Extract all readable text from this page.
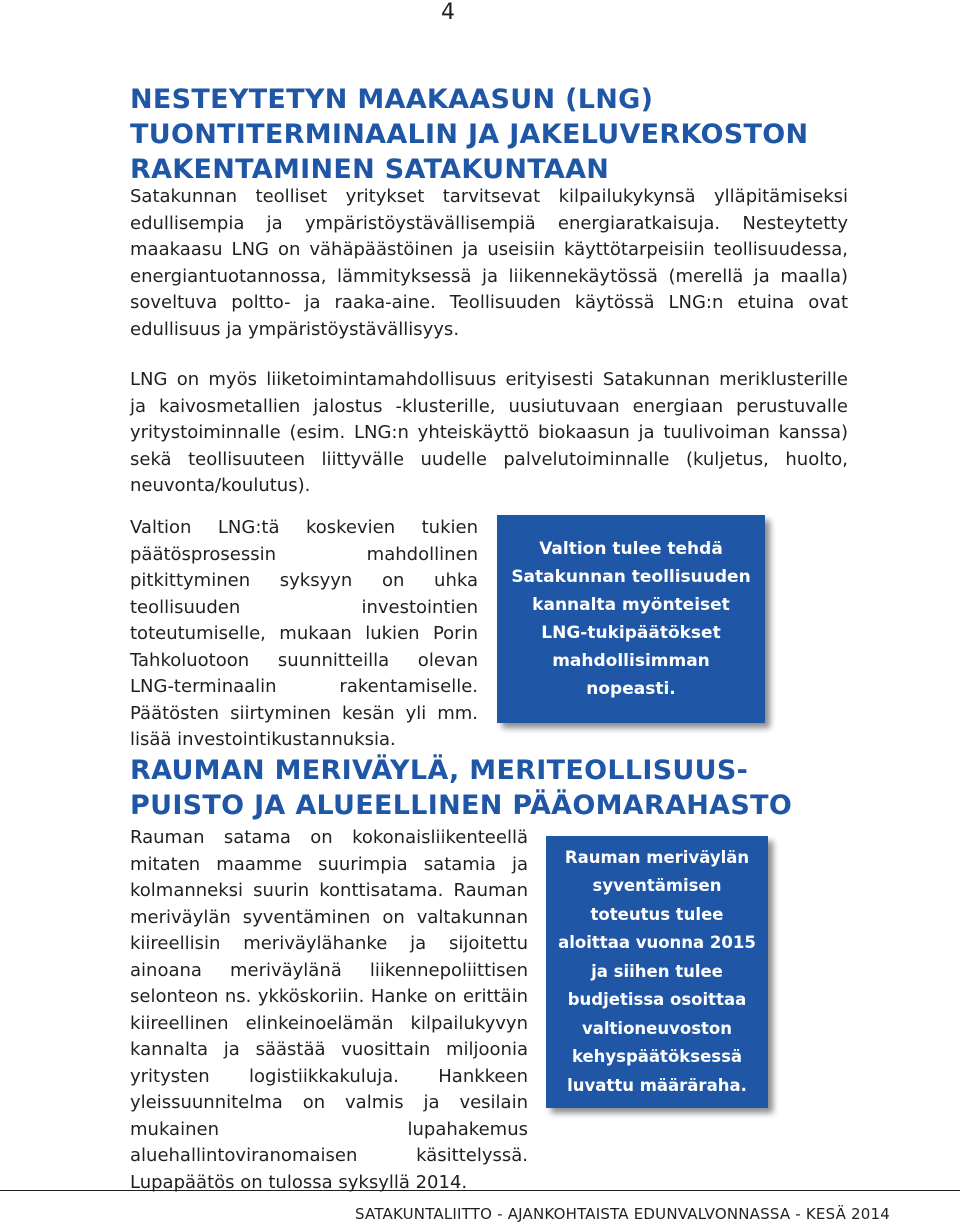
4
NESTEYTETYN MAAKAASUN (LNG)
TUONTITERMINAALIN JA JAKELUVERKOSTON
RAKENTAMINEN SATAKUNTAAN

Satakunnan teolliset yritykset tarvitsevat kilpailukykynsä ylläpitämiseksi edullisempia ja ympäristöystävällisempiä energiaratkaisuja. Nesteytetty maakaasu LNG on vähäpäästöinen ja useisiin käyttötarpeisiin teollisuudessa, energiantuotannossa, lämmityksessä ja liikennekäytössä (merellä ja maalla) soveltuva poltto- ja raaka-aine. Teollisuuden käytössä LNG:n etuina ovat edullisuus ja ympäristöystävällisyys.

LNG on myös liiketoimintamahdollisuus erityisesti Satakunnan meriklusterille ja kaivosmetallien jalostus -klusterille, uusiutuvaan energiaan perustuvalle yritystoiminnalle (esim. LNG:n yhteiskäyttö biokaasun ja tuulivoiman kanssa) sekä teollisuuteen liittyvälle uudelle palvelutoiminnalle (kuljetus, huolto, neuvonta/koulutus).

Valtion LNG:tä koskevien tukien päätösprosessin mahdollinen pitkittyminen syksyyn on uhka teollisuuden investointien toteutumiselle, mukaan lukien Porin Tahkoluotoon suunnitteilla olevan LNG-terminaalin rakentamiselle. Päätösten siirtyminen kesän yli mm. lisää investointikustannuksia.

Valtion tulee tehdä Satakunnan teollisuuden kannalta myönteiset LNG-tukipäätökset mahdollisimman nopeasti.
RAUMAN MERIVÄYLÄ, MERITEOLLISUUS-
PUISTO JA ALUEELLINEN PÄÄOMARAHASTO

Rauman satama on kokonaisliikenteellä mitaten maamme suurimpia satamia ja kolmanneksi suurin konttisatama. Rauman meriväylän syventäminen on valtakunnan kiireellisin meriväylähanke ja sijoitettu ainoana meriväylänä liikennepoliittisen selonteon ns. ykköskoriin. Hanke on erittäin kiireellinen elinkeinoelämän kilpailukyvyn kannalta ja säästää vuosittain miljoonia yritysten logistiikkakuluja. Hankkeen yleissuunnitelma on valmis ja vesilain mukainen lupahakemus aluehallintoviranomaisen käsittelyssä. Lupapäätös on tulossa syksyllä 2014.

Rauman meriväylän syventämisen toteutus tulee aloittaa vuonna 2015 ja siihen tulee budjetissa osoittaa valtioneuvoston kehyspäätöksessä luvattu määräraha.
SATAKUNTALIITTO - AJANKOHTAISTA EDUNVALVONNASSA - KESÄ 2014
